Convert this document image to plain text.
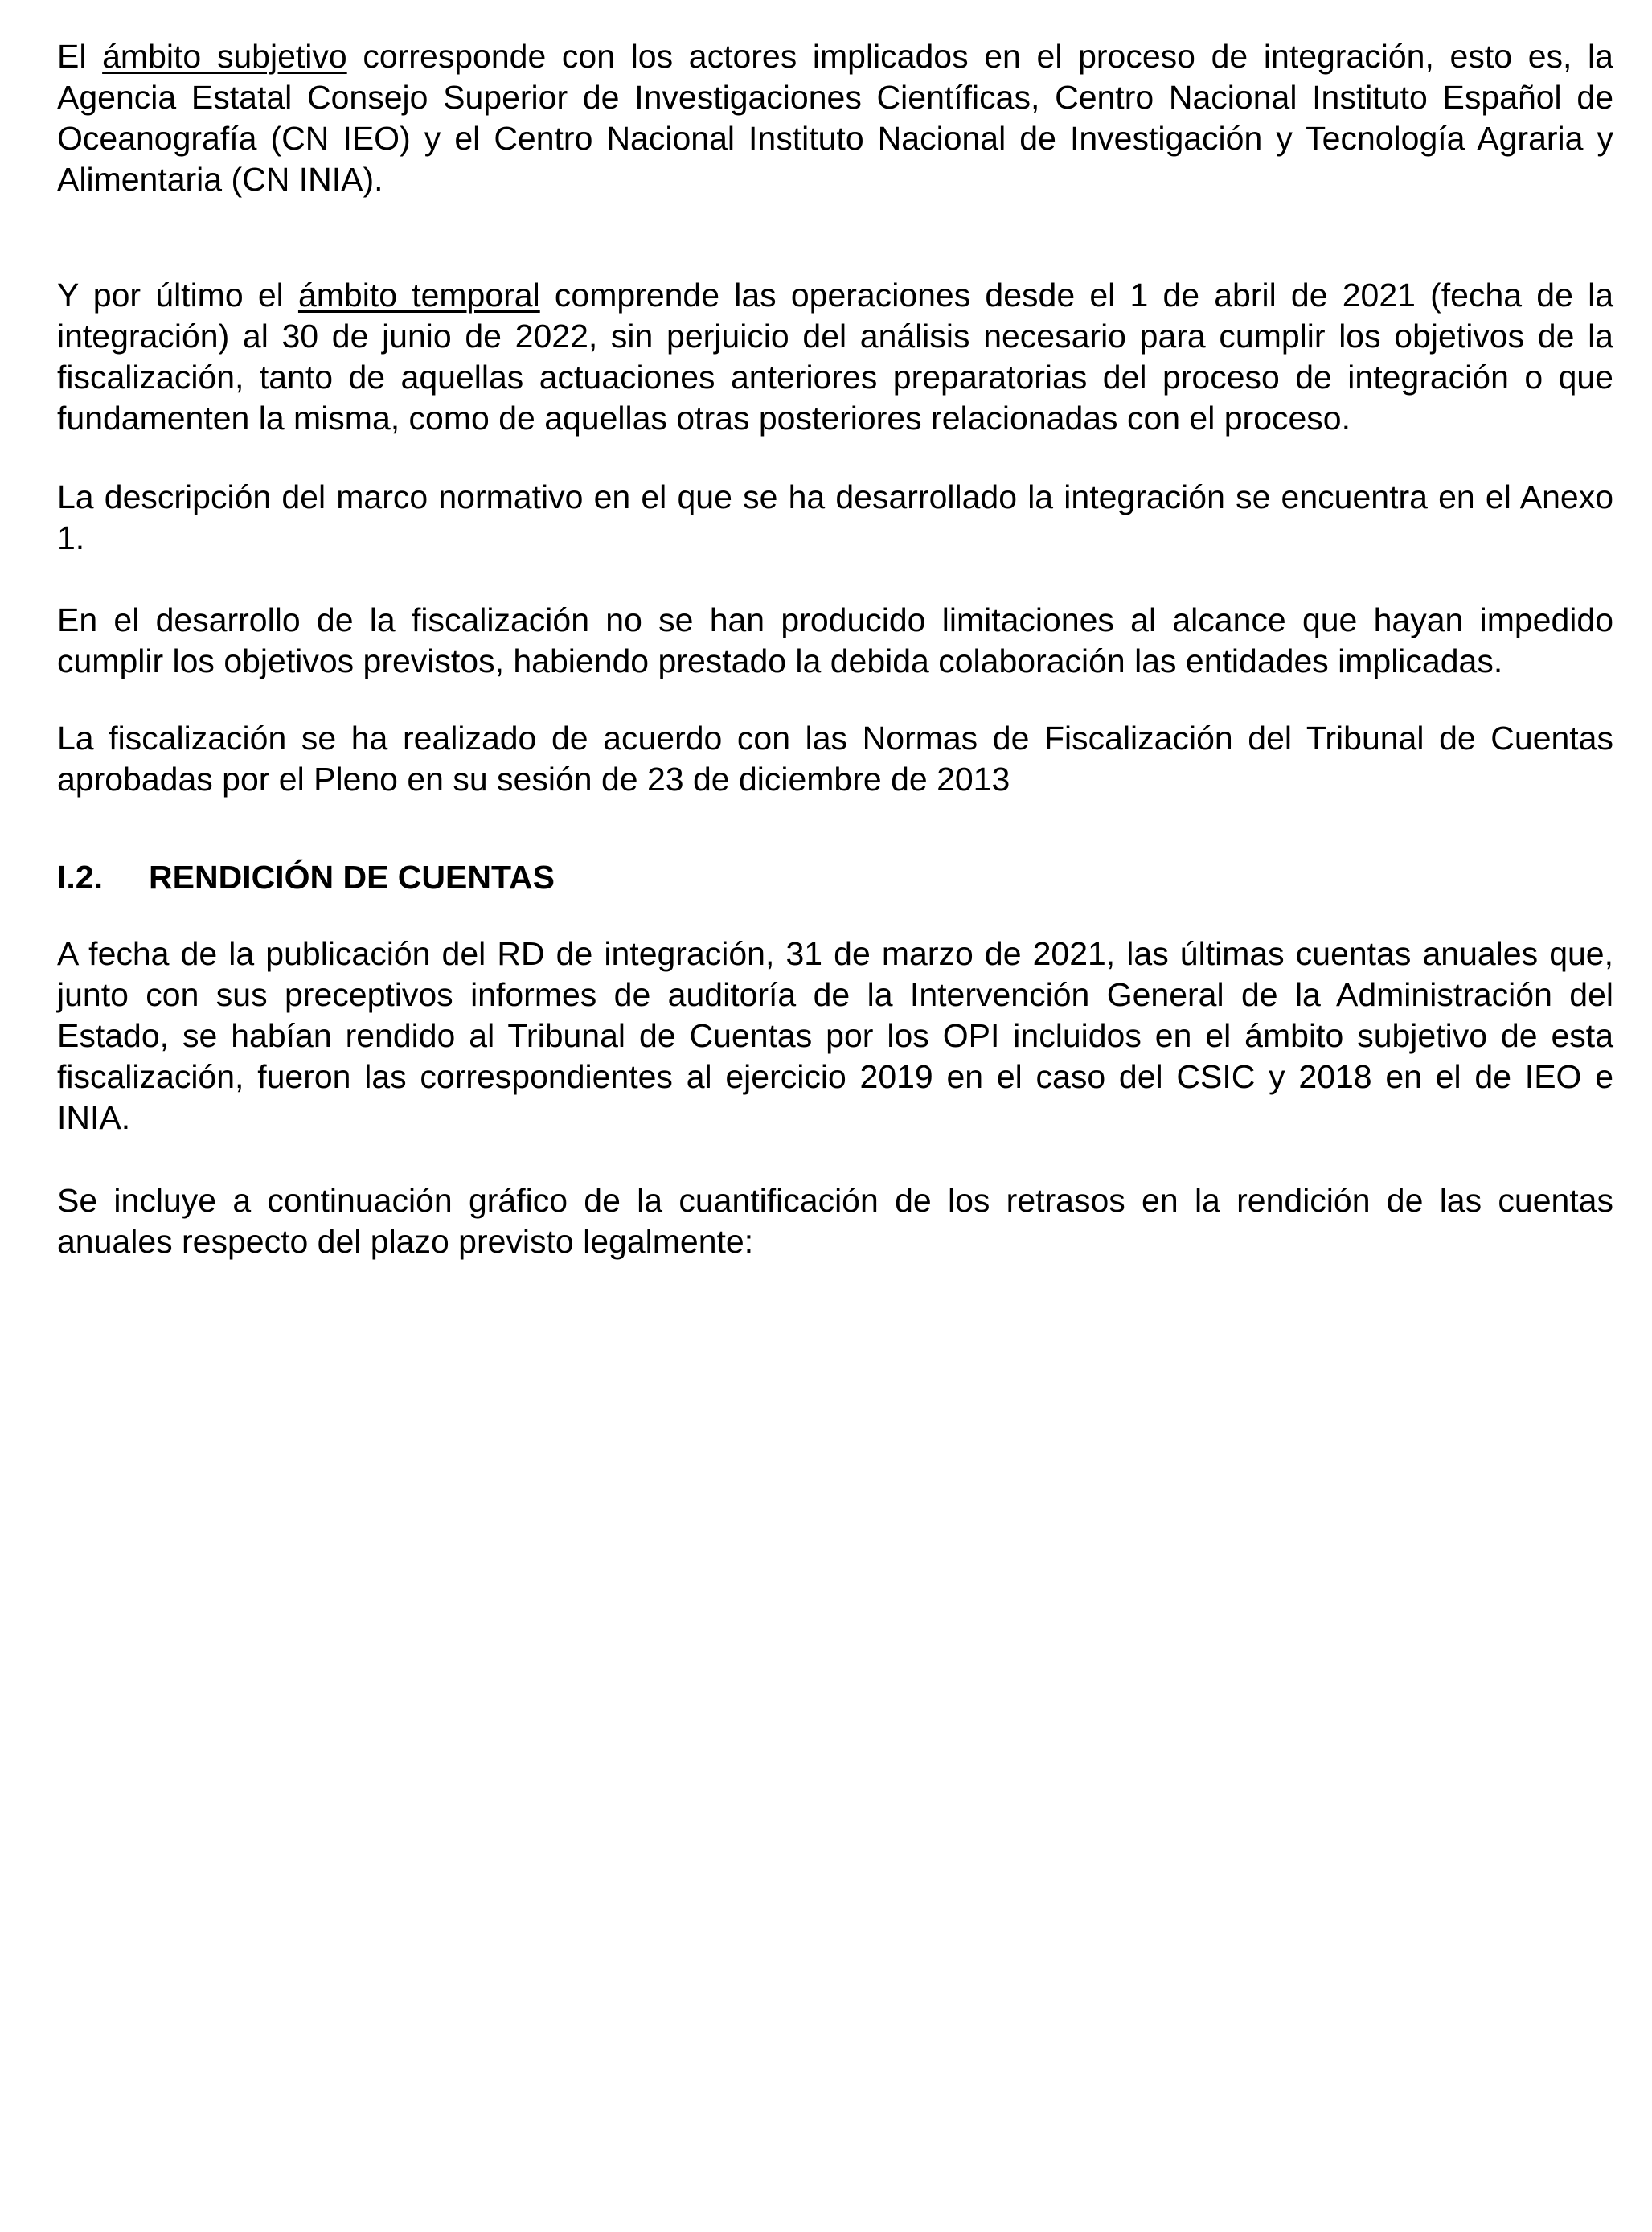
El ámbito subjetivo corresponde con los actores implicados en el proceso de integración, esto es, la Agencia Estatal Consejo Superior de Investigaciones Científicas, Centro Nacional Instituto Español de Oceanografía (CN IEO) y el Centro Nacional Instituto Nacional de Investigación y Tecnología Agraria y Alimentaria (CN INIA).

Y por último el ámbito temporal comprende las operaciones desde el 1 de abril de 2021 (fecha de la integración) al 30 de junio de 2022, sin perjuicio del análisis necesario para cumplir los objetivos de la fiscalización, tanto de aquellas actuaciones anteriores preparatorias del proceso de integración o que fundamenten la misma, como de aquellas otras posteriores relacionadas con el proceso.

La descripción del marco normativo en el que se ha desarrollado la integración se encuentra en el Anexo 1.

En el desarrollo de la fiscalización no se han producido limitaciones al alcance que hayan impedido cumplir los objetivos previstos, habiendo prestado la debida colaboración las entidades implicadas.

La fiscalización se ha realizado de acuerdo con las Normas de Fiscalización del Tribunal de Cuentas aprobadas por el Pleno en su sesión de 23 de diciembre de 2013

I.2. RENDICIÓN DE CUENTAS

A fecha de la publicación del RD de integración, 31 de marzo de 2021, las últimas cuentas anuales que, junto con sus preceptivos informes de auditoría de la Intervención General de la Administración del Estado, se habían rendido al Tribunal de Cuentas por los OPI incluidos en el ámbito subjetivo de esta fiscalización, fueron las correspondientes al ejercicio 2019 en el caso del CSIC y 2018 en el de IEO e INIA.

Se incluye a continuación gráfico de la cuantificación de los retrasos en la rendición de las cuentas anuales respecto del plazo previsto legalmente:
